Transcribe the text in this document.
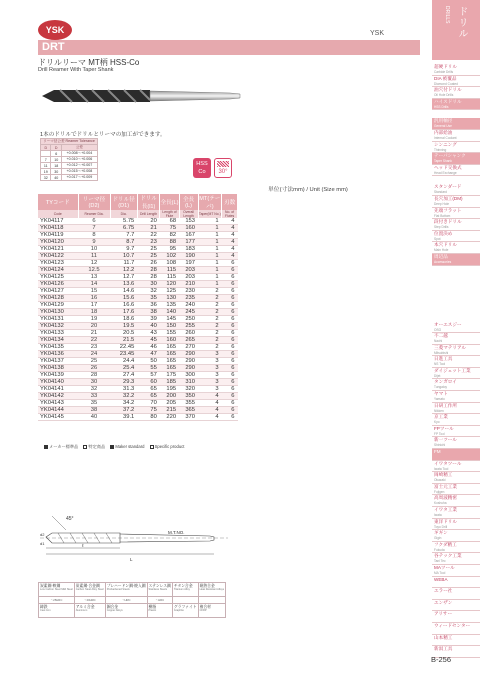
YSK	YSK
DRT
ドリルリーマ MT柄 HSS-Co
Drill Reamer With Taper Shank
1本のドリルでドリルとリーマの加工ができます。
リーマ径公差 Reamer Tolerance		
D	D	公差
	6	+0.008〜+0.004
7	10	+0.010〜+0.006
11	18	+0.012〜+0.007
19	30	+0.015〜+0.008
32	40	+0.017〜+0.009
HSS
Co	30°
単位(寸法mm) / Unit (Size mm)
TYコード	リーマ径(D2)	ドリル径(D1)	ドリル長(l1)	全長(L)	全長(L)	MT(テーパ)	刃数
Code	Reamer Dia.	Dia.	Drill Length	Length of Flute	Overall Length	Taper(MT No.)	No. of Flutes
YK04117	6	5.75	20	68	153	1	4
YK04118	7	6.75	21	75	160	1	4
YK04119	8	7.7	22	82	167	1	4
YK04120	9	8.7	23	88	177	1	4
YK04121	10	9.7	25	95	183	1	4
YK04122	11	10.7	25	102	190	1	4
YK04123	12	11.7	26	108	197	1	6
YK04124	12.5	12.2	28	115	203	1	6
YK04125	13	12.7	28	115	203	1	6
YK04126	14	13.6	30	120	210	1	6
YK04127	15	14.6	32	125	230	2	6
YK04128	16	15.6	35	130	235	2	6
YK04129	17	16.6	36	135	240	2	6
YK04130	18	17.6	38	140	245	2	6
YK04131	19	18.6	39	145	250	2	6
YK04132	20	19.5	40	150	255	2	6
YK04133	21	20.5	43	155	260	2	6
YK04134	22	21.5	45	160	265	2	6
YK04135	23	22.45	46	165	270	2	6
YK04136	24	23.45	47	165	290	3	6
YK04137	25	24.4	50	165	290	3	6
YK04138	26	25.4	55	165	290	3	6
YK04139	28	27.4	57	175	300	3	6
YK04140	30	29.3	60	185	310	3	6
YK04141	32	31.3	65	195	320	3	6
YK04142	33	32.2	65	200	350	4	6
YK04143	35	34.2	70	205	355	4	6
YK04144	38	37.2	75	215	365	4	6
YK04145	40	39.1	80	220	370	4	6
メーカー標準品 特定商品 Maker standard Specific product
45°
M.T.NO.
d2
d1	ℓ
L
炭素鋼·軟鋼
Low Carbon Steel Mild Steel	炭素鋼·合金鋼
Carbon Steel Alloy Steel	プレハードン鋼·焼入鋼
Prehardened Steels	ステンレス鋼
Stainless Steels	チタン合金
Titanium Alloy	耐熱合金
Heat Resistant Alloys

〜25HRC	〜40HRC	〜HRC	〜HRC		

鋳鉄
Cast Iron	アルミ合金
Aluminum	銅合金
Copper Alloys	樹脂
Plastic	グラファイト
Graphite	複合材
CFRP
ドリル
DRILLS
超硬ドリル
Carbide Drills
DIA 被覆品
Diamond Coated
油穴付ドリル
Oil Hole Drills
ハイスドリル
HSS Drills
汎用軸径
General Use
内部給油
Internal Coolant
シンニング
Thinning
テーパシャンク
Taper Shank
ヘッド交換式
Head Exchange
スタンダード
Standard
長穴加工(DM)
Deep Hole
先端フラット
Flat Bottom
段付きドリル
Step Drills
位置決め
Spot
本穴ドリル
Main Hole
周辺品
Accessories
オーエスジー
OSG
不二越
Nachi
三菱マテリアル
Mitsubishi
日進工具
NS Tool
ダイジェット工業
Dijet
タンガロイ
Tungaloy
ヤマト
Yamato
日研工作所
Nikken
京工業
Kyo
FPツール
FP Tool
新一ツール
Shinichi
FM
イワタツール
Iwata Tool
岡崎精工
Okazaki
富士元工業
Fujigen
高周波精密
Koshuha
イワタ工業
Iwata
東洋ドリル
Toyo Drill
ギギン
Gigin
フクダ精工
Fukuda
谷テック工業
Tani Tec
MAツール
MA Tool
WEBA
エラー社
エンザン
アリサー
ウィードセンター
山本精工
新潟工具
B-256
